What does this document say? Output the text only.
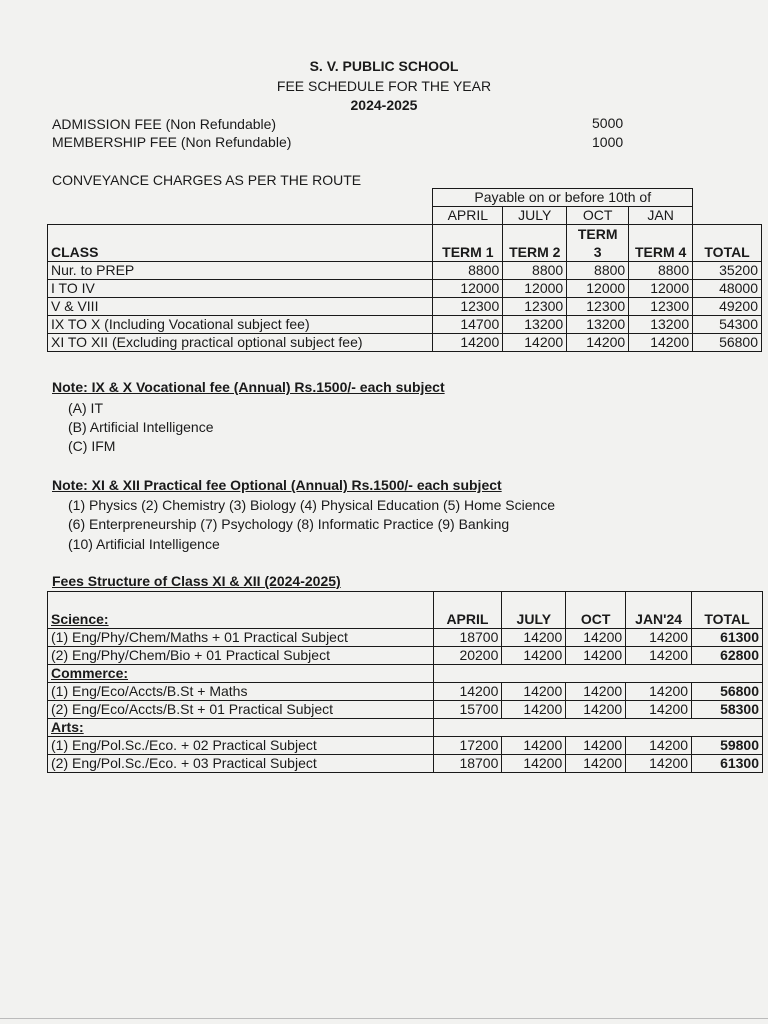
S. V. PUBLIC SCHOOL
FEE SCHEDULE FOR THE YEAR
2024-2025
ADMISSION FEE (Non Refundable)	5000
MEMBERSHIP FEE (Non Refundable)	1000
CONVEYANCE CHARGES AS PER THE ROUTE
	Payable on or before 10th of				
	APRIL	JULY	OCT	JAN	
CLASS	TERM 1	TERM 2	TERM 3	TERM 4	TOTAL
Nur. to PREP	8800	8800	8800	8800	35200
I TO IV	12000	12000	12000	12000	48000
V & VIII	12300	12300	12300	12300	49200
IX TO X (Including Vocational subject fee)	14700	13200	13200	13200	54300
XI TO XII (Excluding practical optional subject fee)	14200	14200	14200	14200	56800
Note: IX & X Vocational fee (Annual) Rs.1500/- each subject
(A) IT
(B) Artificial Intelligence
(C) IFM
Note: XI & XII Practical fee Optional (Annual) Rs.1500/- each subject
(1) Physics (2) Chemistry (3) Biology (4) Physical Education (5) Home Science
(6) Enterpreneurship (7) Psychology (8) Informatic Practice (9) Banking
(10) Artificial Intelligence
Fees Structure of Class XI & XII (2024-2025)
Science:	APRIL	JULY	OCT	JAN'24	TOTAL
(1) Eng/Phy/Chem/Maths + 01 Practical Subject	18700	14200	14200	14200	61300
(2) Eng/Phy/Chem/Bio + 01 Practical Subject	20200	14200	14200	14200	62800
Commerce:					
(1) Eng/Eco/Accts/B.St + Maths	14200	14200	14200	14200	56800
(2) Eng/Eco/Accts/B.St + 01 Practical Subject	15700	14200	14200	14200	58300
Arts:					
(1) Eng/Pol.Sc./Eco. + 02 Practical Subject	17200	14200	14200	14200	59800
(2) Eng/Pol.Sc./Eco. + 03 Practical Subject	18700	14200	14200	14200	61300
